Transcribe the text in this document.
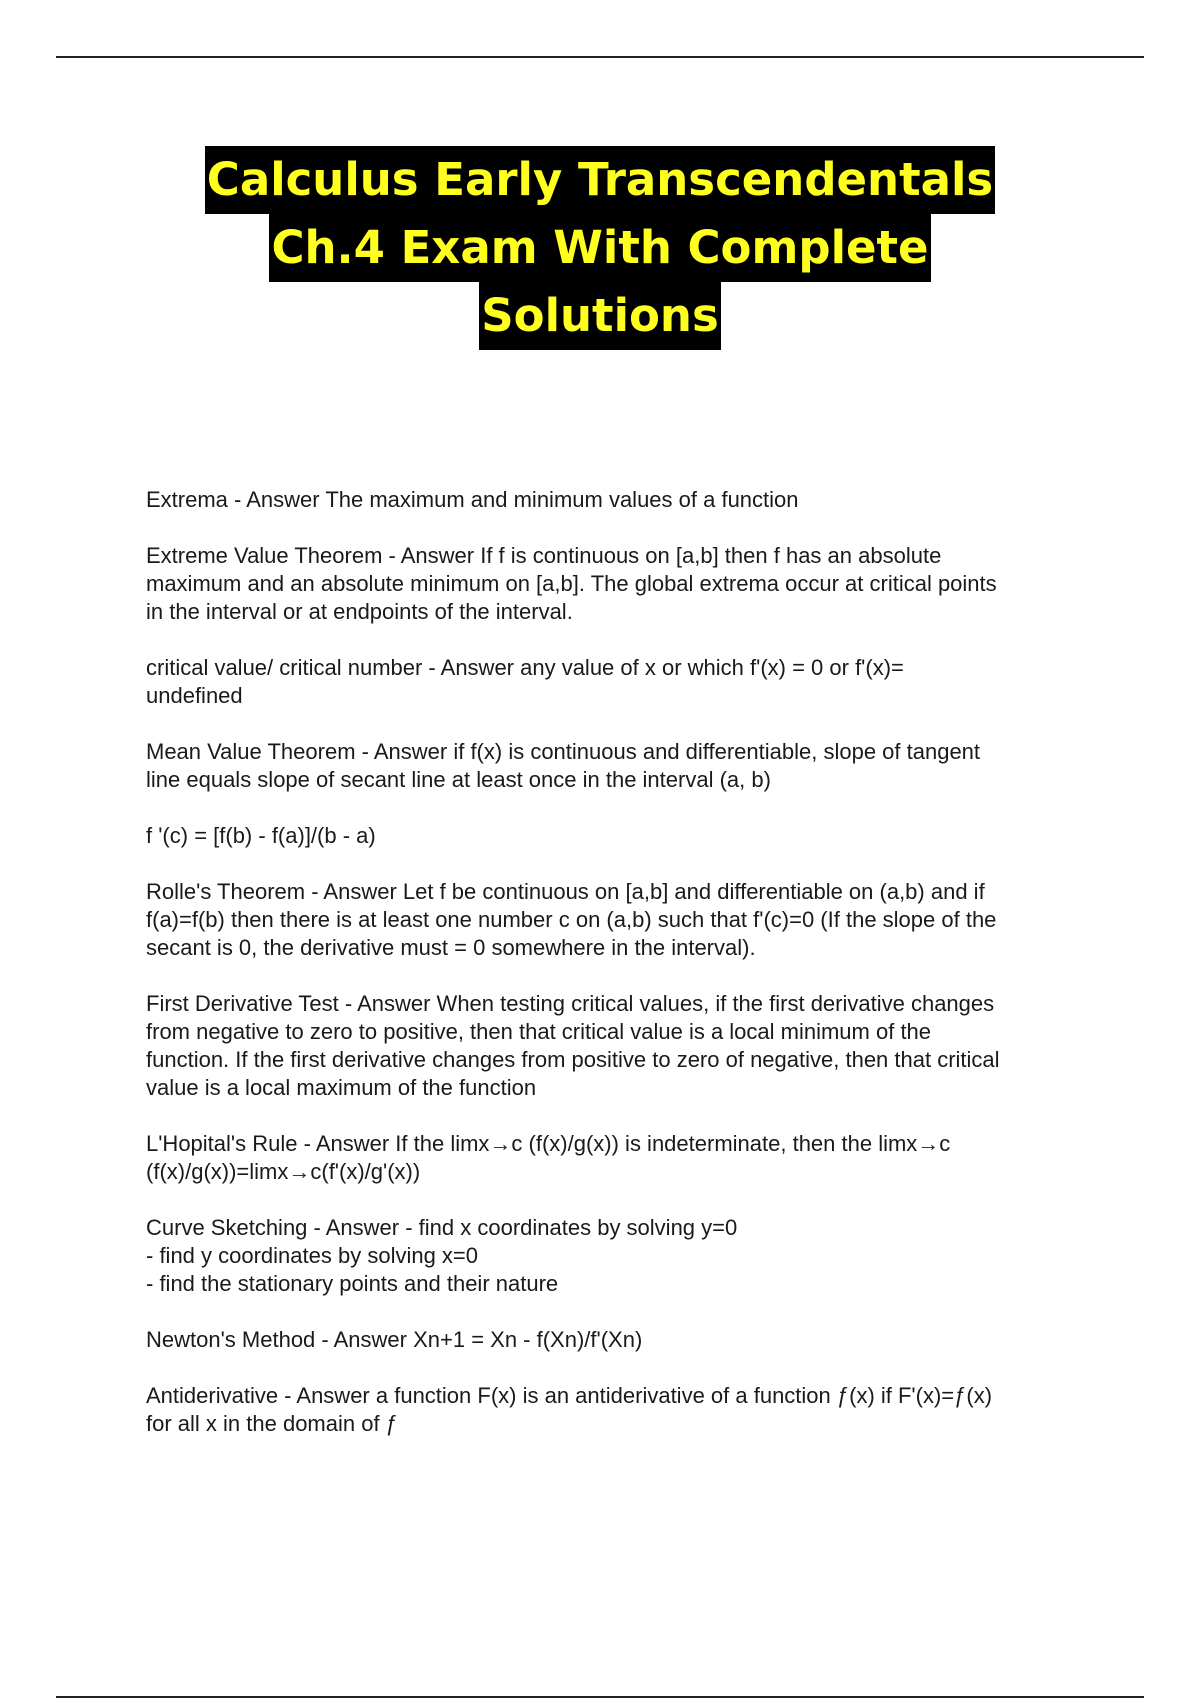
Calculus Early Transcendentals
Ch.4 Exam With Complete
Solutions

Extrema - Answer The maximum and minimum values of a function

Extreme Value Theorem - Answer If f is continuous on [a,b] then f has an absolute
maximum and an absolute minimum on [a,b]. The global extrema occur at critical points
in the interval or at endpoints of the interval.

critical value/ critical number - Answer any value of x or which f'(x) = 0 or f'(x)=
undefined

Mean Value Theorem - Answer if f(x) is continuous and differentiable, slope of tangent
line equals slope of secant line at least once in the interval (a, b)

f '(c) = [f(b) - f(a)]/(b - a)

Rolle's Theorem - Answer Let f be continuous on [a,b] and differentiable on (a,b) and if
f(a)=f(b) then there is at least one number c on (a,b) such that f'(c)=0 (If the slope of the
secant is 0, the derivative must = 0 somewhere in the interval).

First Derivative Test - Answer When testing critical values, if the first derivative changes
from negative to zero to positive, then that critical value is a local minimum of the
function. If the first derivative changes from positive to zero of negative, then that critical
value is a local maximum of the function

L'Hopital's Rule - Answer If the limx→c (f(x)/g(x)) is indeterminate, then the limx→c
(f(x)/g(x))=limx→c(f'(x)/g'(x))

Curve Sketching - Answer - find x coordinates by solving y=0
- find y coordinates by solving x=0
- find the stationary points and their nature

Newton's Method - Answer Xn+1 = Xn - f(Xn)/f'(Xn)

Antiderivative - Answer a function F(x) is an antiderivative of a function ƒ(x) if F'(x)=ƒ(x)
for all x in the domain of ƒ
